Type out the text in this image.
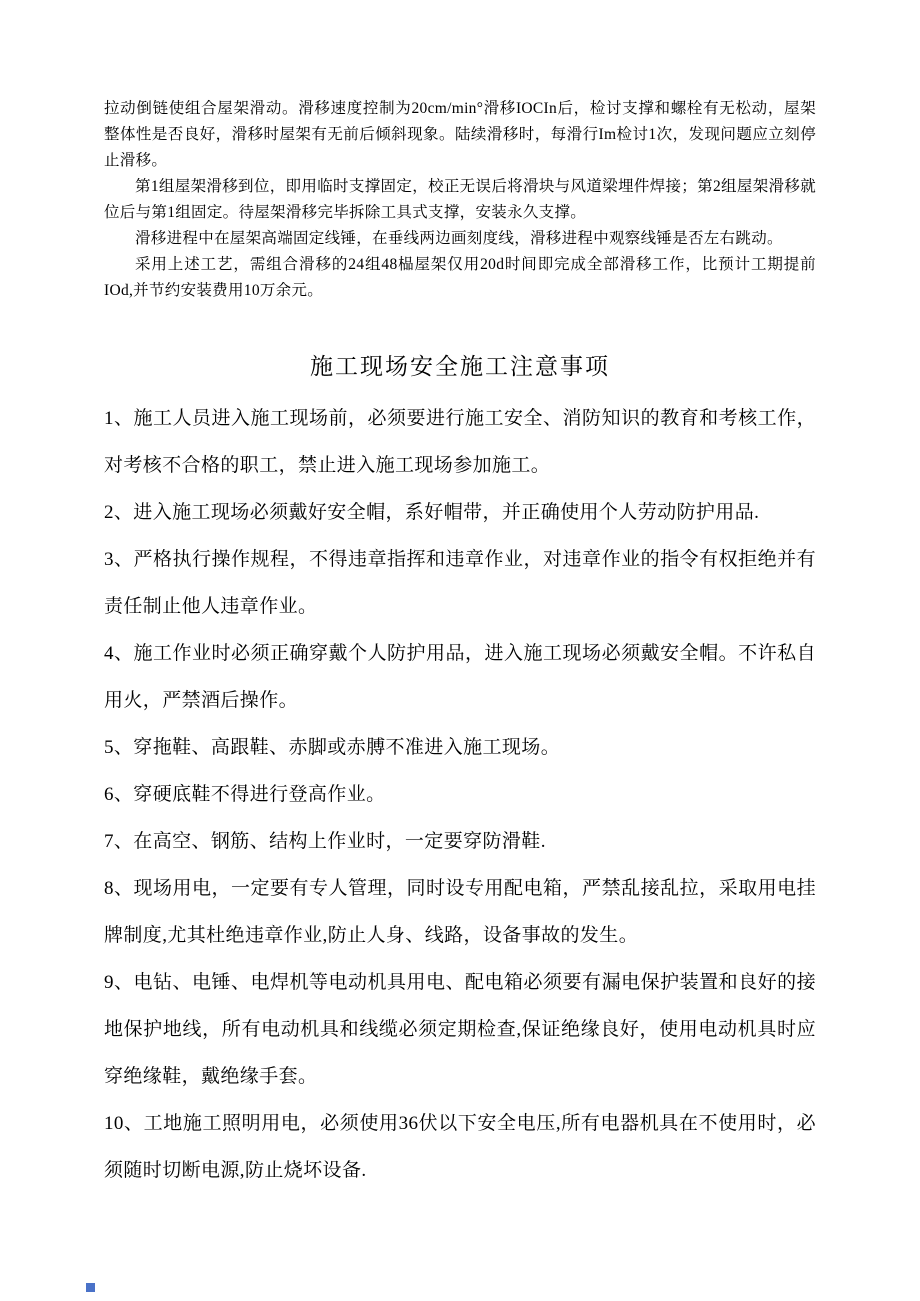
拉动倒链使组合屋架滑动。滑移速度控制为20cm/min°滑移IOCIn后，检讨支撑和螺栓有无松动，屋架整体性是否良好，滑移时屋架有无前后倾斜现象。陆续滑移时，每滑行Im检讨1次，发现问题应立刻停止滑移。

第1组屋架滑移到位，即用临时支撑固定，校正无误后将滑块与风道梁埋件焊接；第2组屋架滑移就位后与第1组固定。待屋架滑移完毕拆除工具式支撑，安装永久支撑。

滑移进程中在屋架高端固定线锤，在垂线两边画刻度线，滑移进程中观察线锤是否左右跳动。

采用上述工艺，需组合滑移的24组48榀屋架仅用20d时间即完成全部滑移工作，比预计工期提前IOd,并节约安装费用10万余元。

施工现场安全施工注意事项

1、施工人员进入施工现场前，必须要进行施工安全、消防知识的教育和考核工作，对考核不合格的职工，禁止进入施工现场参加施工。

2、进入施工现场必须戴好安全帽，系好帽带，并正确使用个人劳动防护用品.

3、严格执行操作规程，不得违章指挥和违章作业，对违章作业的指令有权拒绝并有责任制止他人违章作业。

4、施工作业时必须正确穿戴个人防护用品，进入施工现场必须戴安全帽。不许私自用火，严禁酒后操作。

5、穿拖鞋、高跟鞋、赤脚或赤膊不准进入施工现场。

6、穿硬底鞋不得进行登高作业。

7、在高空、钢筋、结构上作业时，一定要穿防滑鞋.

8、现场用电，一定要有专人管理，同时设专用配电箱，严禁乱接乱拉，采取用电挂牌制度,尤其杜绝违章作业,防止人身、线路，设备事故的发生。

9、电钻、电锤、电焊机等电动机具用电、配电箱必须要有漏电保护装置和良好的接地保护地线，所有电动机具和线缆必须定期检查,保证绝缘良好，使用电动机具时应穿绝缘鞋，戴绝缘手套。

10、工地施工照明用电，必须使用36伏以下安全电压,所有电器机具在不使用时，必须随时切断电源,防止烧坏设备.
